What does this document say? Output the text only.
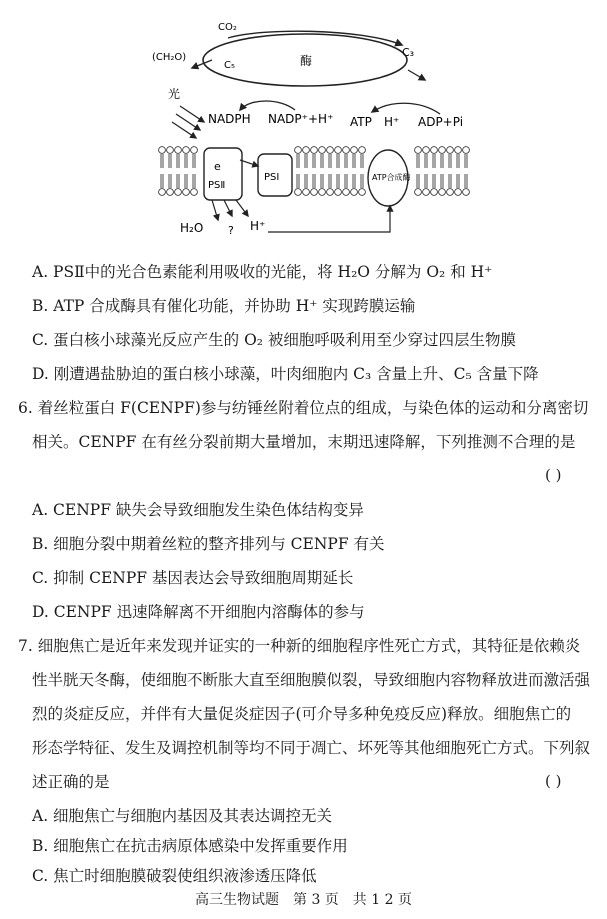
CO₂
(CH₂O)
C₅
C₃
酶
光
NADPH NADP⁺+H⁺ ATP H⁺ ADP+Pi
e
PSⅡ
PSⅠ	ATP合成酶
H₂O ? H⁺
A. PSⅡ中的光合色素能利用吸收的光能，将 H₂O 分解为 O₂ 和 H⁺
B. ATP 合成酶具有催化功能，并协助 H⁺ 实现跨膜运输
C. 蛋白核小球藻光反应产生的 O₂ 被细胞呼吸利用至少穿过四层生物膜
D. 刚遭遇盐胁迫的蛋白核小球藻，叶肉细胞内 C₃ 含量上升、C₅ 含量下降
6. 着丝粒蛋白 F(CENPF)参与纺锤丝附着位点的组成，与染色体的运动和分离密切
相关。CENPF 在有丝分裂前期大量增加，末期迅速降解，下列推测不合理的是
( )
A. CENPF 缺失会导致细胞发生染色体结构变异
B. 细胞分裂中期着丝粒的整齐排列与 CENPF 有关
C. 抑制 CENPF 基因表达会导致细胞周期延长
D. CENPF 迅速降解离不开细胞内溶酶体的参与
7. 细胞焦亡是近年来发现并证实的一种新的细胞程序性死亡方式，其特征是依赖炎
性半胱天冬酶，使细胞不断胀大直至细胞膜似裂，导致细胞内容物释放进而激活强
烈的炎症反应，并伴有大量促炎症因子(可介导多种免疫反应)释放。细胞焦亡的
形态学特征、发生及调控机制等均不同于凋亡、坏死等其他细胞死亡方式。下列叙
述正确的是	( )
A. 细胞焦亡与细胞内基因及其表达调控无关
B. 细胞焦亡在抗击病原体感染中发挥重要作用
C. 焦亡时细胞膜破裂使组织液渗透压降低
高三生物试题　第 3 页　共 1 2 页
